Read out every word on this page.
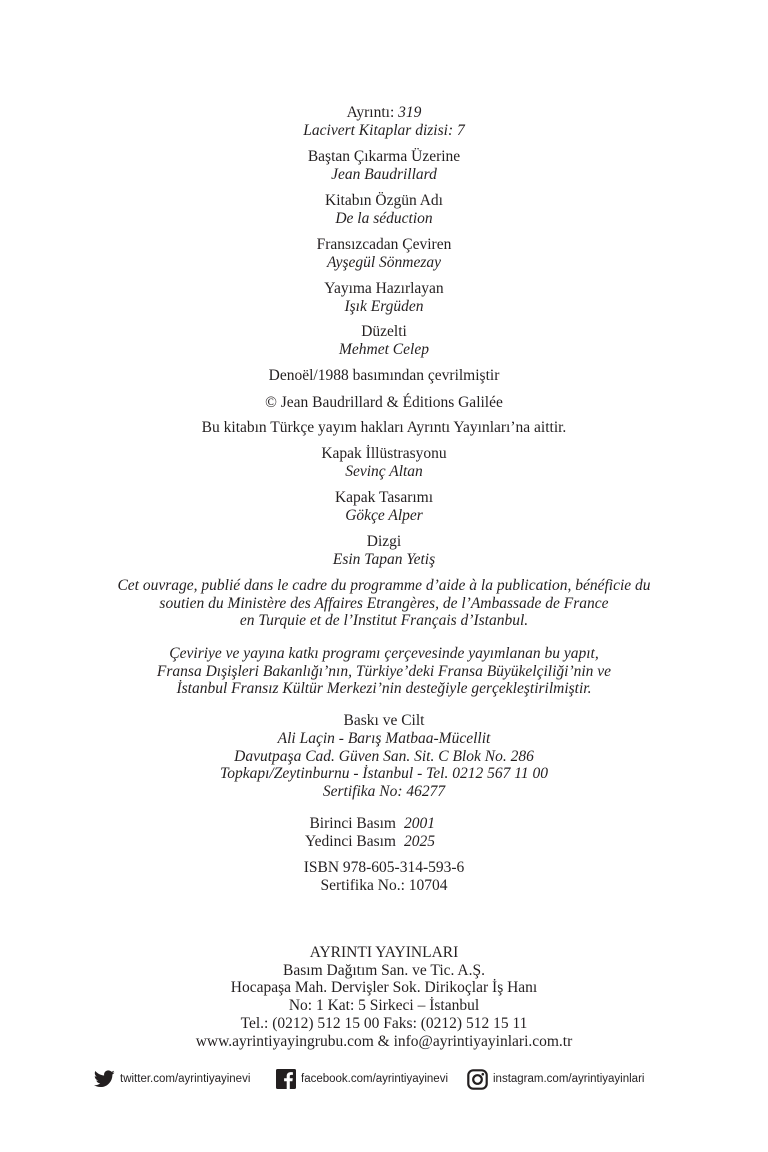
Ayrıntı: 319
Lacivert Kitaplar dizisi: 7
Baştan Çıkarma Üzerine
Jean Baudrillard
Kitabın Özgün Adı
De la séduction
Fransızcadan Çeviren
Ayşegül Sönmezay
Yayıma Hazırlayan
Işık Ergüden
Düzelti
Mehmet Celep
Denoël/1988 basımından çevrilmiştir
© Jean Baudrillard & Éditions Galilée
Bu kitabın Türkçe yayım hakları Ayrıntı Yayınları’na aittir.
Kapak İllüstrasyonu
Sevinç Altan
Kapak Tasarımı
Gökçe Alper
Dizgi
Esin Tapan Yetiş
Cet ouvrage, publié dans le cadre du programme d’aide à la publication, bénéficie du
soutien du Ministère des Affaires Etrangères, de l’Ambassade de France
en Turquie et de l’Institut Français d’Istanbul.
Çeviriye ve yayına katkı programı çerçevesinde yayımlanan bu yapıt,
Fransa Dışişleri Bakanlığı’nın, Türkiye’deki Fransa Büyükelçiliği’nin ve
İstanbul Fransız Kültür Merkezi’nin desteğiyle gerçekleştirilmiştir.
Baskı ve Cilt
Ali Laçin - Barış Matbaa-Mücellit
Davutpaşa Cad. Güven San. Sit. C Blok No. 286
Topkapı/Zeytinburnu - İstanbul - Tel. 0212 567 11 00
Sertifika No: 46277
Birinci Basım 2001
Yedinci Basım 2025
ISBN 978-605-314-593-6
Sertifika No.: 10704
AYRINTI YAYINLARI
Basım Dağıtım San. ve Tic. A.Ş.
Hocapaşa Mah. Dervişler Sok. Dirikoçlar İş Hanı
No: 1 Kat: 5 Sirkeci – İstanbul
Tel.: (0212) 512 15 00 Faks: (0212) 512 15 11
www.ayrintiyayingrubu.com & info@ayrintiyayinlari.com.tr
twitter.com/ayrintiyayinevi	facebook.com/ayrintiyayinevi	instagram.com/ayrintiyayinlari
